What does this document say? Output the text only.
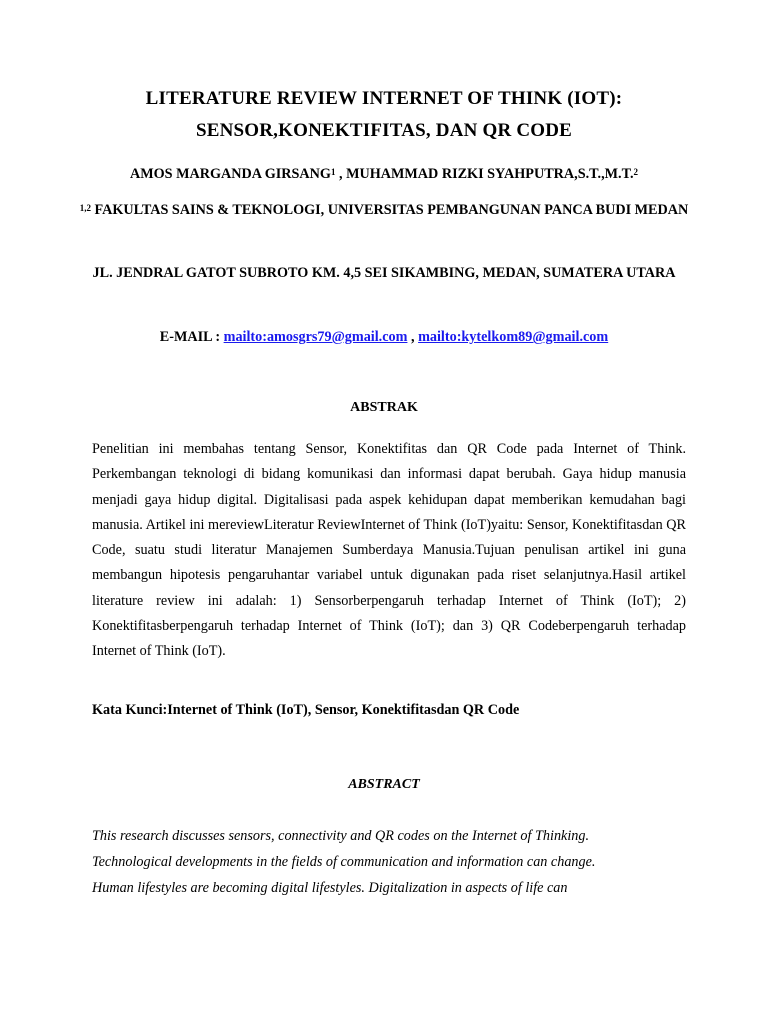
LITERATURE REVIEW INTERNET OF THINK (IOT):
SENSOR,KONEKTIFITAS, DAN QR CODE
AMOS MARGANDA GIRSANG$^1$ , MUHAMMAD RIZKI SYAHPUTRA,S.T.,M.T.$^2$
$^{1,2}$ FAKULTAS SAINS & TEKNOLOGI, UNIVERSITAS PEMBANGUNAN PANCA BUDI MEDAN
JL. JENDRAL GATOT SUBROTO KM. 4,5 SEI SIKAMBING, MEDAN, SUMATERA UTARA
E-MAIL : mailto:amosgrs79@gmail.com , mailto:kytelkom89@gmail.com
ABSTRAK
Penelitian ini membahas tentang Sensor, Konektifitas dan QR Code pada Internet of Think. Perkembangan teknologi di bidang komunikasi dan informasi dapat berubah. Gaya hidup manusia menjadi gaya hidup digital. Digitalisasi pada aspek kehidupan dapat memberikan kemudahan bagi manusia. Artikel ini mereviewLiteratur ReviewInternet of Think (IoT)yaitu: Sensor, Konektifitasdan QR Code, suatu studi literatur Manajemen Sumberdaya Manusia.Tujuan penulisan artikel ini guna membangun hipotesis pengaruhantar variabel untuk digunakan pada riset selanjutnya.Hasil artikel literature review ini adalah: 1) Sensorberpengaruh terhadap Internet of Think (IoT); 2) Konektifitasberpengaruh terhadap Internet of Think (IoT); dan 3) QR Codeberpengaruh terhadap Internet of Think (IoT).
Kata Kunci:Internet of Think (IoT), Sensor, Konektifitasdan QR Code
ABSTRACT
This research discusses sensors, connectivity and QR codes on the Internet of Thinking.
Technological developments in the fields of communication and information can change.
Human lifestyles are becoming digital lifestyles. Digitalization in aspects of life can
